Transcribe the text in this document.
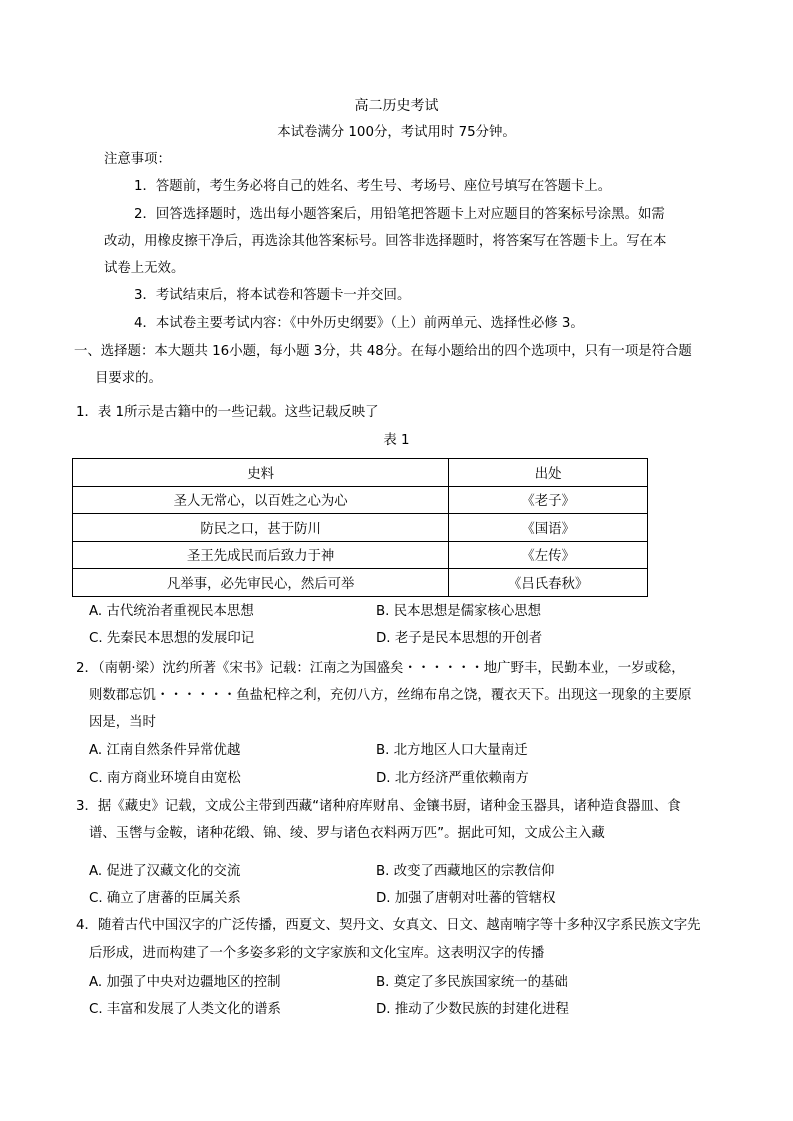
高二历史考试
本试卷满分 100分，考试用时 75分钟。
注意事项：
1．答题前，考生务必将自己的姓名、考生号、考场号、座位号填写在答题卡上。
2．回答选择题时，选出每小题答案后，用铅笔把答题卡上对应题目的答案标号涂黑。如需
改动，用橡皮擦干净后，再选涂其他答案标号。回答非选择题时，将答案写在答题卡上。写在本
试卷上无效。
3．考试结束后，将本试卷和答题卡一并交回。
4．本试卷主要考试内容：《中外历史纲要》（上）前两单元、选择性必修 3。
一、选择题：本大题共 16小题，每小题 3分，共 48分。在每小题给出的四个选项中，只有一项是符合题
目要求的。
1．表 1所示是古籍中的一些记载。这些记载反映了
表 1
史料	出处
圣人无常心，以百姓之心为心	《老子》
防民之口，甚于防川	《国语》
圣王先成民而后致力于神	《左传》
凡举事，必先审民心，然后可举	《吕氏春秋》
A. 古代统治者重视民本思想	B. 民本思想是儒家核心思想
C. 先秦民本思想的发展印记	D. 老子是民本思想的开创者
2．（南朝·梁）沈约所著《宋书》记载：江南之为国盛矣・・・・・・地广野丰，民勤本业，一岁或稔，
则数郡忘饥・・・・・・鱼盐杞梓之利，充仞八方，丝绵布帛之饶，覆衣天下。出现这一现象的主要原
因是，当时
A. 江南自然条件异常优越	B. 北方地区人口大量南迁
C. 南方商业环境自由宽松	D. 北方经济严重依赖南方
3．据《藏史》记载，文成公主带到西藏“诸种府库财帛、金镶书厨，诸种金玉器具，诸种造食器皿、食
谱、玉辔与金鞍，诸种花缎、锦、绫、罗与诸色衣料两万匹”。据此可知，文成公主入藏
A. 促进了汉藏文化的交流	B. 改变了西藏地区的宗教信仰
C. 确立了唐蕃的臣属关系	D. 加强了唐朝对吐蕃的管辖权
4．随着古代中国汉字的广泛传播，西夏文、契丹文、女真文、日文、越南喃字等十多种汉字系民族文字先
后形成，进而构建了一个多姿多彩的文字家族和文化宝库。这表明汉字的传播
A. 加强了中央对边疆地区的控制	B. 奠定了多民族国家统一的基础
C. 丰富和发展了人类文化的谱系	D. 推动了少数民族的封建化进程
